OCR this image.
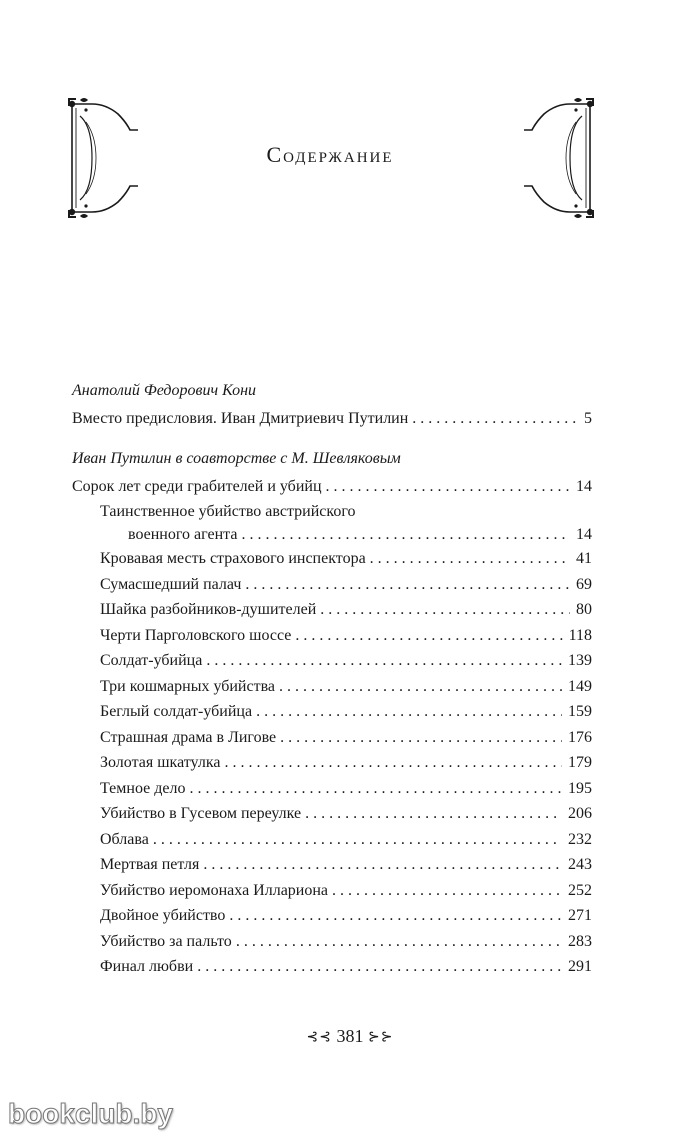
Содержание
Анатолий Федорович Кони
Вместо предисловия. Иван Дмитриевич Путилин . . .	5
Иван Путилин в соавторстве с М. Шевляковым
Сорок лет среди грабителей и убийц . . .	14
Таинственное убийство австрийского
военного агента . . .	14
Кровавая месть страхового инспектора . . .	41
Сумасшедший палач . . .	69
Шайка разбойников-душителей . . .	80
Черти Парголовского шоссе . . .	118
Солдат-убийца . . .	139
Три кошмарных убийства . . .	149
Беглый солдат-убийца . . .	159
Страшная драма в Лигове . . .	176
Золотая шкатулка . . .	179
Темное дело . . .	195
Убийство в Гусевом переулке . . .	206
Облава . . .	232
Мертвая петля . . .	243
Убийство иеромонаха Иллариона . . .	252
Двойное убийство . . .	271
Убийство за пальто . . .	283
Финал любви . . .	291
⊰⊰ 381 ⊱⊱
bookclub.by
